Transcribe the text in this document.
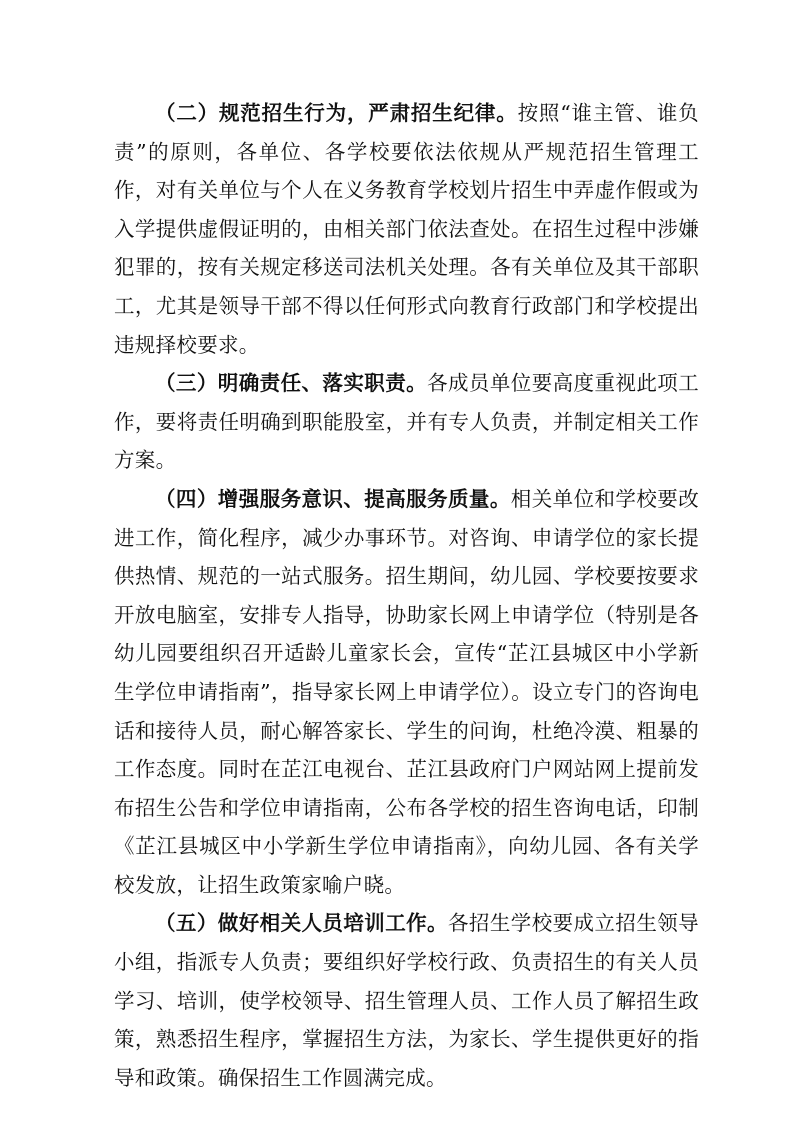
（二）规范招生行为，严肃招生纪律。按照“谁主管、谁负责”的原则，各单位、各学校要依法依规从严规范招生管理工作，对有关单位与个人在义务教育学校划片招生中弄虚作假或为入学提供虚假证明的，由相关部门依法查处。在招生过程中涉嫌犯罪的，按有关规定移送司法机关处理。各有关单位及其干部职工，尤其是领导干部不得以任何形式向教育行政部门和学校提出违规择校要求。

（三）明确责任、落实职责。各成员单位要高度重视此项工作，要将责任明确到职能股室，并有专人负责，并制定相关工作方案。

（四）增强服务意识、提高服务质量。相关单位和学校要改进工作，简化程序，减少办事环节。对咨询、申请学位的家长提供热情、规范的一站式服务。招生期间，幼儿园、学校要按要求开放电脑室，安排专人指导，协助家长网上申请学位（特别是各幼儿园要组织召开适龄儿童家长会，宣传“芷江县城区中小学新生学位申请指南”，指导家长网上申请学位）。设立专门的咨询电话和接待人员，耐心解答家长、学生的问询，杜绝冷漠、粗暴的工作态度。同时在芷江电视台、芷江县政府门户网站网上提前发布招生公告和学位申请指南，公布各学校的招生咨询电话，印制《芷江县城区中小学新生学位申请指南》，向幼儿园、各有关学校发放，让招生政策家喻户晓。

（五）做好相关人员培训工作。各招生学校要成立招生领导小组，指派专人负责；要组织好学校行政、负责招生的有关人员学习、培训，使学校领导、招生管理人员、工作人员了解招生政策，熟悉招生程序，掌握招生方法，为家长、学生提供更好的指导和政策。确保招生工作圆满完成。
